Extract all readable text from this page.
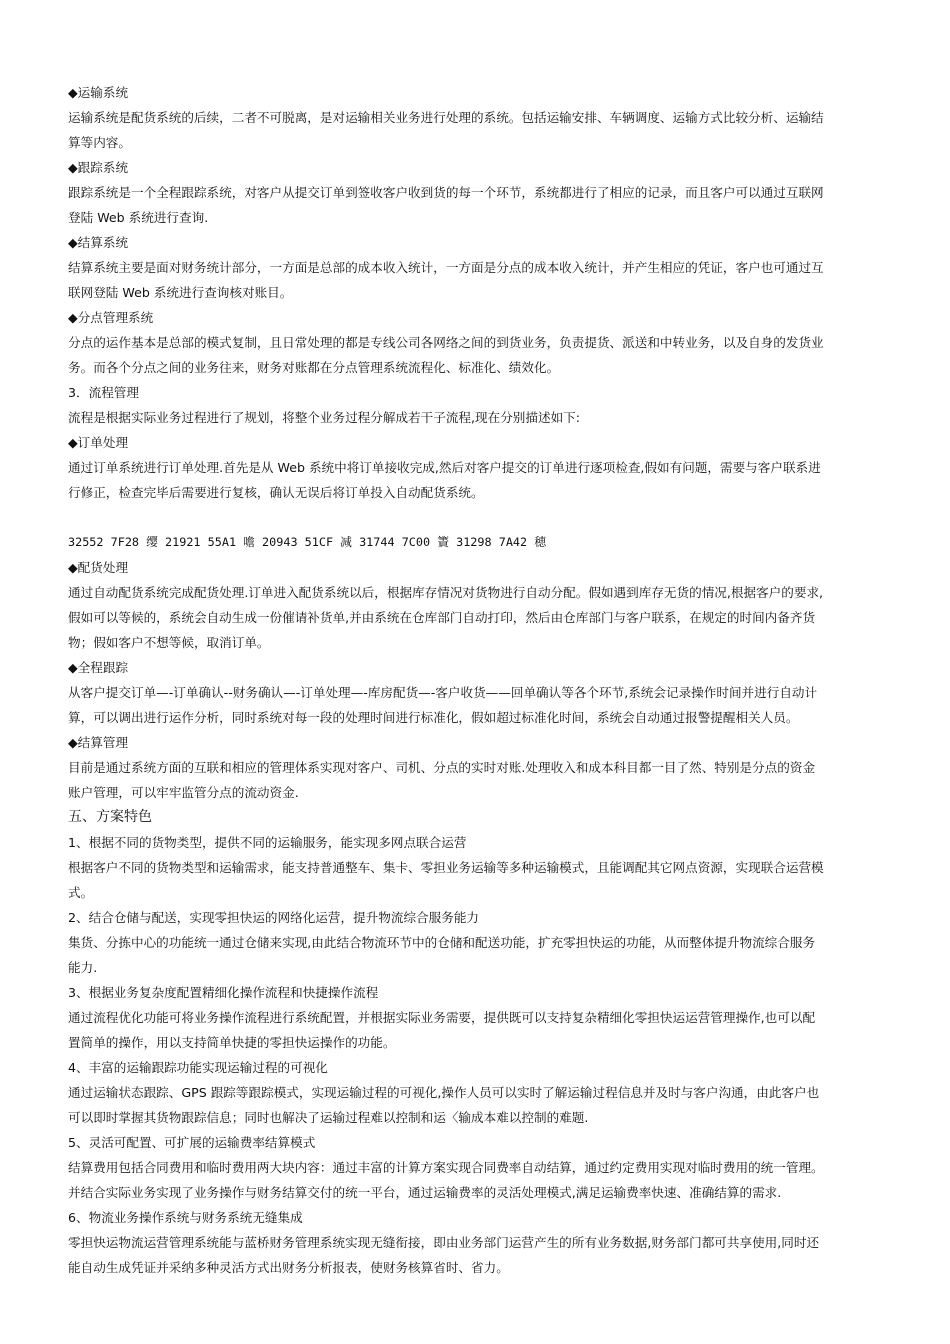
◆运输系统
运输系统是配货系统的后续，二者不可脱离，是对运输相关业务进行处理的系统。包括运输安排、车辆调度、运输方式比较分析、运输结
算等内容。
◆跟踪系统
跟踪系统是一个全程跟踪系统，对客户从提交订单到签收客户收到货的每一个环节，系统都进行了相应的记录，而且客户可以通过互联网
登陆 Web 系统进行查询.
◆结算系统
结算系统主要是面对财务统计部分，一方面是总部的成本收入统计，一方面是分点的成本收入统计，并产生相应的凭证，客户也可通过互
联网登陆 Web 系统进行查询核对账目。
◆分点管理系统
分点的运作基本是总部的模式复制，且日常处理的都是专线公司各网络之间的到货业务，负责提货、派送和中转业务，以及自身的发货业
务。而各个分点之间的业务往来，财务对账都在分点管理系统流程化、标准化、绩效化。
3．流程管理
流程是根据实际业务过程进行了规划，将整个业务过程分解成若干子流程,现在分别描述如下:
◆订单处理
通过订单系统进行订单处理.首先是从 Web 系统中将订单接收完成,然后对客户提交的订单进行逐项检查,假如有问题，需要与客户联系进
行修正，检查完毕后需要进行复核，确认无误后将订单投入自动配货系统。
32552 7F28 缨 21921 55A1 噡 20943 51CF 减 31744 7C00 簀 31298 7A42 穂
◆配货处理
通过自动配货系统完成配货处理.订单进入配货系统以后，根据库存情况对货物进行自动分配。假如遇到库存无货的情况,根据客户的要求,
假如可以等候的，系统会自动生成一份催请补货单,并由系统在仓库部门自动打印，然后由仓库部门与客户联系，在规定的时间内备齐货
物；假如客户不想等候，取消订单。
◆全程跟踪
从客户提交订单—-订单确认--财务确认—-订单处理—-库房配货—-客户收货——回单确认等各个环节,系统会记录操作时间并进行自动计
算，可以调出进行运作分析，同时系统对每一段的处理时间进行标准化，假如超过标准化时间，系统会自动通过报警提醒相关人员。
◆结算管理
目前是通过系统方面的互联和相应的管理体系实现对客户、司机、分点的实时对账.处理收入和成本科目都一目了然、特别是分点的资金
账户管理，可以牢牢监管分点的流动资金.
五、方案特色
1、根据不同的货物类型，提供不同的运输服务，能实现多网点联合运营
根据客户不同的货物类型和运输需求，能支持普通整车、集卡、零担业务运输等多种运输模式，且能调配其它网点资源，实现联合运营模
式。
2、结合仓储与配送，实现零担快运的网络化运营，提升物流综合服务能力
集货、分拣中心的功能统一通过仓储来实现,由此结合物流环节中的仓储和配送功能，扩充零担快运的功能，从而整体提升物流综合服务
能力.
3、根据业务复杂度配置精细化操作流程和快捷操作流程
通过流程优化功能可将业务操作流程进行系统配置，并根据实际业务需要，提供既可以支持复杂精细化零担快运运营管理操作,也可以配
置简单的操作，用以支持简单快捷的零担快运操作的功能。
4、丰富的运输跟踪功能实现运输过程的可视化
通过运输状态跟踪、GPS 跟踪等跟踪模式，实现运输过程的可视化,操作人员可以实时了解运输过程信息并及时与客户沟通，由此客户也
可以即时掌握其货物跟踪信息；同时也解决了运输过程难以控制和运〈输成本难以控制的难题.
5、灵活可配置、可扩展的运输费率结算模式
结算费用包括合同费用和临时费用两大块内容：通过丰富的计算方案实现合同费率自动结算，通过约定费用实现对临时费用的统一管理。
并结合实际业务实现了业务操作与财务结算交付的统一平台，通过运输费率的灵活处理模式,满足运输费率快速、准确结算的需求.
6、物流业务操作系统与财务系统无缝集成
零担快运物流运营管理系统能与蓝桥财务管理系统实现无缝衔接，即由业务部门运营产生的所有业务数据,财务部门都可共享使用,同时还
能自动生成凭证并采纳多种灵活方式出财务分析报表，使财务核算省时、省力。
